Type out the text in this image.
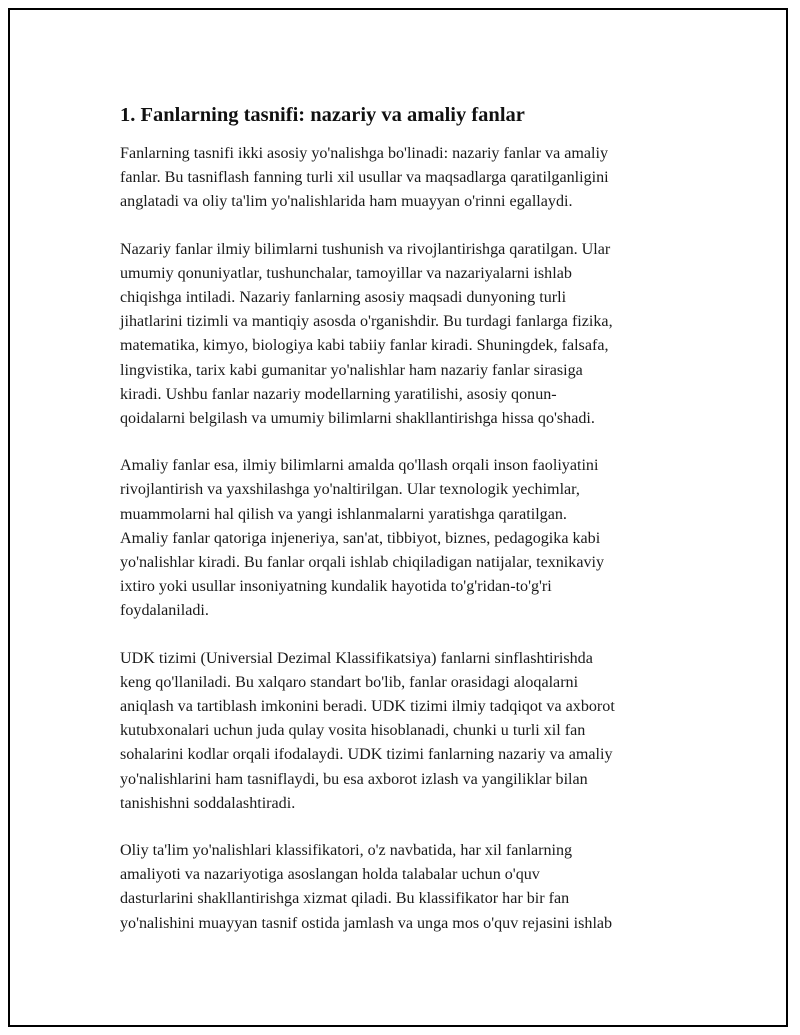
1. Fanlarning tasnifi: nazariy va amaliy fanlar

Fanlarning tasnifi ikki asosiy yo'nalishga bo'linadi: nazariy fanlar va amaliy
fanlar. Bu tasniflash fanning turli xil usullar va maqsadlarga qaratilganligini
anglatadi va oliy ta'lim yo'nalishlarida ham muayyan o'rinni egallaydi.

Nazariy fanlar ilmiy bilimlarni tushunish va rivojlantirishga qaratilgan. Ular
umumiy qonuniyatlar, tushunchalar, tamoyillar va nazariyalarni ishlab
chiqishga intiladi. Nazariy fanlarning asosiy maqsadi dunyoning turli
jihatlarini tizimli va mantiqiy asosda o'rganishdir. Bu turdagi fanlarga fizika,
matematika, kimyo, biologiya kabi tabiiy fanlar kiradi. Shuningdek, falsafa,
lingvistika, tarix kabi gumanitar yo'nalishlar ham nazariy fanlar sirasiga
kiradi. Ushbu fanlar nazariy modellarning yaratilishi, asosiy qonun-
qoidalarni belgilash va umumiy bilimlarni shakllantirishga hissa qo'shadi.

Amaliy fanlar esa, ilmiy bilimlarni amalda qo'llash orqali inson faoliyatini
rivojlantirish va yaxshilashga yo'naltirilgan. Ular texnologik yechimlar,
muammolarni hal qilish va yangi ishlanmalarni yaratishga qaratilgan.
Amaliy fanlar qatoriga injeneriya, san'at, tibbiyot, biznes, pedagogika kabi
yo'nalishlar kiradi. Bu fanlar orqali ishlab chiqiladigan natijalar, texnikaviy
ixtiro yoki usullar insoniyatning kundalik hayotida to'g'ridan-to'g'ri
foydalaniladi.

UDK tizimi (Universial Dezimal Klassifikatsiya) fanlarni sinflashtirishda
keng qo'llaniladi. Bu xalqaro standart bo'lib, fanlar orasidagi aloqalarni
aniqlash va tartiblash imkonini beradi. UDK tizimi ilmiy tadqiqot va axborot
kutubxonalari uchun juda qulay vosita hisoblanadi, chunki u turli xil fan
sohalarini kodlar orqali ifodalaydi. UDK tizimi fanlarning nazariy va amaliy
yo'nalishlarini ham tasniflaydi, bu esa axborot izlash va yangiliklar bilan
tanishishni soddalashtiradi.

Oliy ta'lim yo'nalishlari klassifikatori, o'z navbatida, har xil fanlarning
amaliyoti va nazariyotiga asoslangan holda talabalar uchun o'quv
dasturlarini shakllantirishga xizmat qiladi. Bu klassifikator har bir fan
yo'nalishini muayyan tasnif ostida jamlash va unga mos o'quv rejasini ishlab
